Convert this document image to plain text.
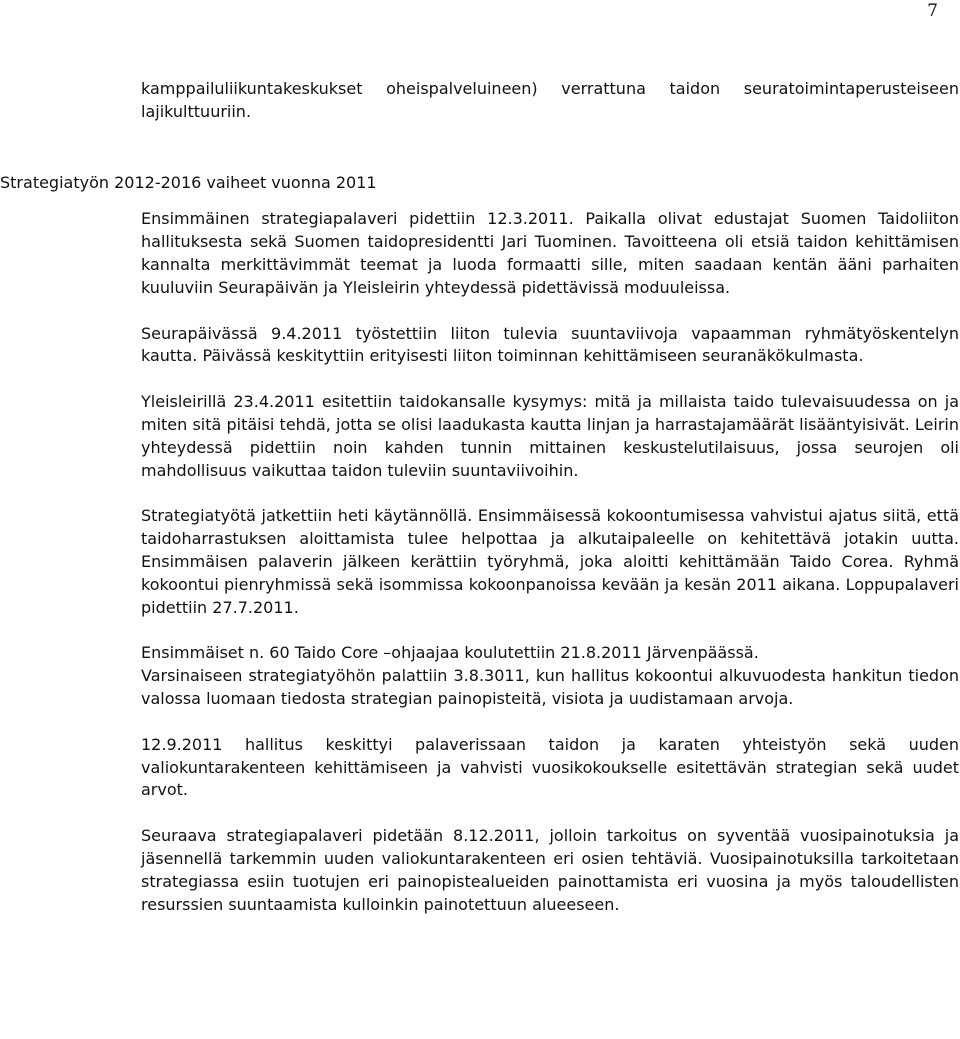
7

kamppailuliikuntakeskukset oheispalveluineen) verrattuna taidon seuratoimintaperusteiseen lajikulttuuriin.

Strategiatyön 2012-2016 vaiheet vuonna 2011

Ensimmäinen strategiapalaveri pidettiin 12.3.2011. Paikalla olivat edustajat Suomen Taidoliiton hallituksesta sekä Suomen taidopresidentti Jari Tuominen. Tavoitteena oli etsiä taidon kehittämisen kannalta merkittävimmät teemat ja luoda formaatti sille, miten saadaan kentän ääni parhaiten kuuluviin Seurapäivän ja Yleisleirin yhteydessä pidettävissä moduuleissa.

Seurapäivässä 9.4.2011 työstettiin liiton tulevia suuntaviivoja vapaamman ryhmätyöskentelyn kautta. Päivässä keskityttiin erityisesti liiton toiminnan kehittämiseen seuranäkökulmasta.

Yleisleirillä 23.4.2011 esitettiin taidokansalle kysymys: mitä ja millaista taido tulevaisuudessa on ja miten sitä pitäisi tehdä, jotta se olisi laadukasta kautta linjan ja harrastajamäärät lisääntyisivät. Leirin yhteydessä pidettiin noin kahden tunnin mittainen keskustelutilaisuus, jossa seurojen oli mahdollisuus vaikuttaa taidon tuleviin suuntaviivoihin.

Strategiatyötä jatkettiin heti käytännöllä. Ensimmäisessä kokoontumisessa vahvistui ajatus siitä, että taidoharrastuksen aloittamista tulee helpottaa ja alkutaipaleelle on kehitettävä jotakin uutta. Ensimmäisen palaverin jälkeen kerättiin työryhmä, joka aloitti kehittämään Taido Corea. Ryhmä kokoontui pienryhmissä sekä isommissa kokoonpanoissa kevään ja kesän 2011 aikana. Loppupalaveri pidettiin 27.7.2011.

Ensimmäiset n. 60 Taido Core –ohjaajaa koulutettiin 21.8.2011 Järvenpäässä.

Varsinaiseen strategiatyöhön palattiin 3.8.3011, kun hallitus kokoontui alkuvuodesta hankitun tiedon valossa luomaan tiedosta strategian painopisteitä, visiota ja uudistamaan arvoja.

12.9.2011 hallitus keskittyi palaverissaan taidon ja karaten yhteistyön sekä uuden valiokuntarakenteen kehittämiseen ja vahvisti vuosikokoukselle esitettävän strategian sekä uudet arvot.

Seuraava strategiapalaveri pidetään 8.12.2011, jolloin tarkoitus on syventää vuosipainotuksia ja jäsennellä tarkemmin uuden valiokuntarakenteen eri osien tehtäviä. Vuosipainotuksilla tarkoitetaan strategiassa esiin tuotujen eri painopistealueiden painottamista eri vuosina ja myös taloudellisten resurssien suuntaamista kulloinkin painotettuun alueeseen.
